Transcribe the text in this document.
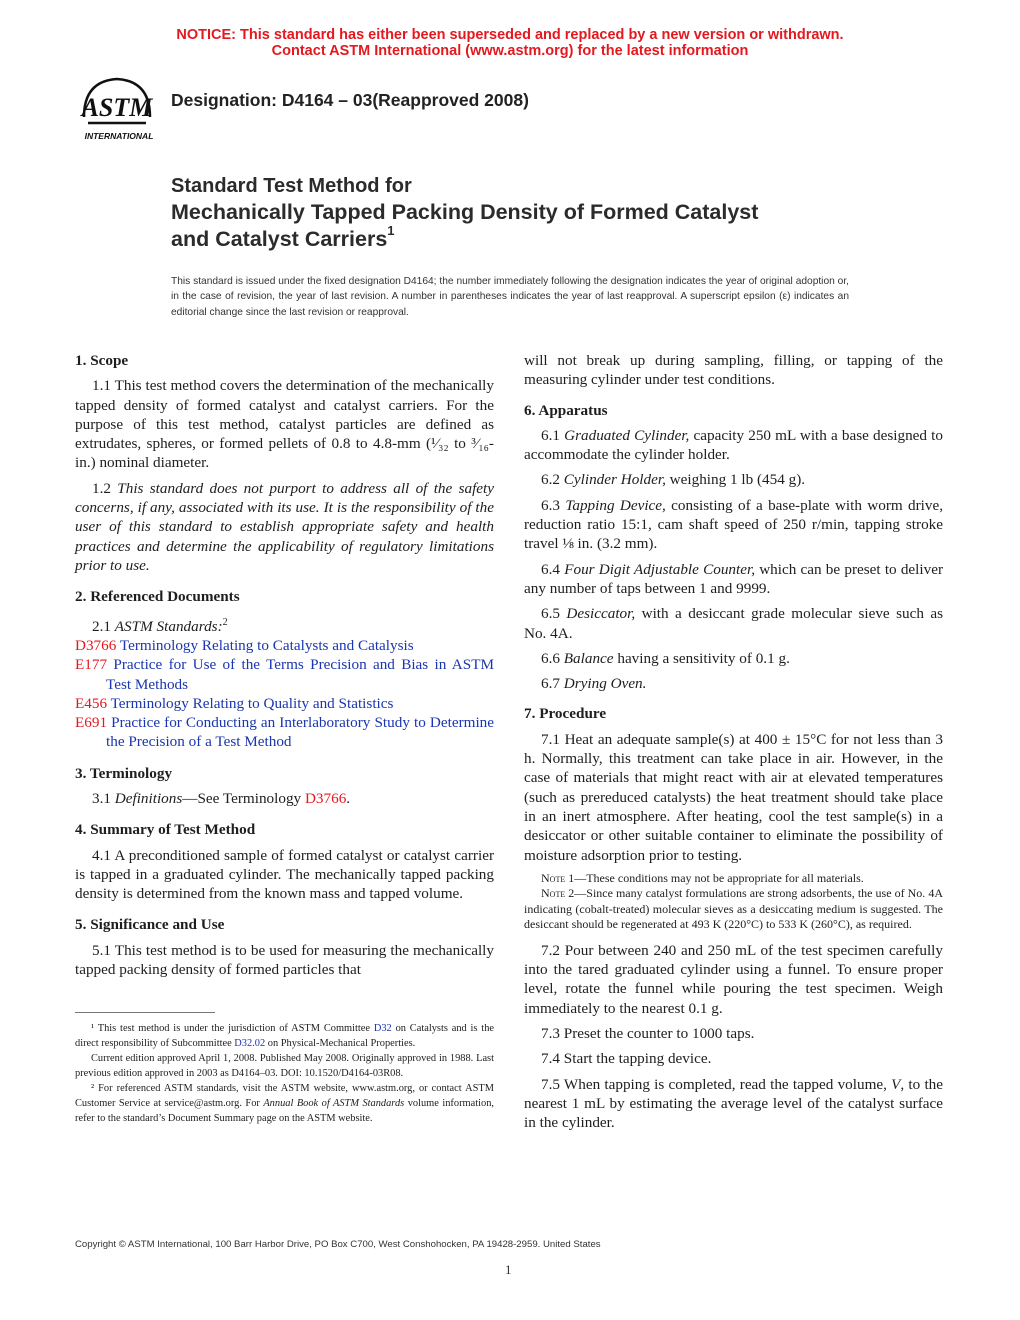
NOTICE: This standard has either been superseded and replaced by a new version or withdrawn.
Contact ASTM International (www.astm.org) for the latest information
ASTM
INTERNATIONAL
Designation: D4164 – 03(Reapproved 2008)
Standard Test Method for
Mechanically Tapped Packing Density of Formed Catalyst
and Catalyst Carriers$^1$
This standard is issued under the fixed designation D4164; the number immediately following the designation indicates the year of original adoption or, in the case of revision, the year of last revision. A number in parentheses indicates the year of last reapproval. A superscript epsilon (ε) indicates an editorial change since the last revision or reapproval.
1. Scope

1.1 This test method covers the determination of the mechanically tapped density of formed catalyst and catalyst carriers. For the purpose of this test method, catalyst particles are defined as extrudates, spheres, or formed pellets of 0.8 to 4.8-mm (¹⁄₃₂ to ³⁄₁₆-in.) nominal diameter.

1.2 This standard does not purport to address all of the safety concerns, if any, associated with its use. It is the responsibility of the user of this standard to establish appropriate safety and health practices and determine the applicability of regulatory limitations prior to use.

2. Referenced Documents

2.1 ASTM Standards:$^2$

D3766 Terminology Relating to Catalysts and Catalysis

E177 Practice for Use of the Terms Precision and Bias in ASTM Test Methods

E456 Terminology Relating to Quality and Statistics

E691 Practice for Conducting an Interlaboratory Study to Determine the Precision of a Test Method

3. Terminology

3.1 Definitions—See Terminology D3766.

4. Summary of Test Method

4.1 A preconditioned sample of formed catalyst or catalyst carrier is tapped in a graduated cylinder. The mechanically tapped packing density is determined from the known mass and tapped volume.

5. Significance and Use

5.1 This test method is to be used for measuring the mechanically tapped packing density of formed particles that

¹ This test method is under the jurisdiction of ASTM Committee D32 on Catalysts and is the direct responsibility of Subcommittee D32.02 on Physical-Mechanical Properties.

Current edition approved April 1, 2008. Published May 2008. Originally approved in 1988. Last previous edition approved in 2003 as D4164–03. DOI: 10.1520/D4164-03R08.

² For referenced ASTM standards, visit the ASTM website, www.astm.org, or contact ASTM Customer Service at service@astm.org. For Annual Book of ASTM Standards volume information, refer to the standard’s Document Summary page on the ASTM website.

will not break up during sampling, filling, or tapping of the measuring cylinder under test conditions.

6. Apparatus

6.1 Graduated Cylinder, capacity 250 mL with a base designed to accommodate the cylinder holder.

6.2 Cylinder Holder, weighing 1 lb (454 g).

6.3 Tapping Device, consisting of a base-plate with worm drive, reduction ratio 15:1, cam shaft speed of 250 r/min, tapping stroke travel ⅛ in. (3.2 mm).

6.4 Four Digit Adjustable Counter, which can be preset to deliver any number of taps between 1 and 9999.

6.5 Desiccator, with a desiccant grade molecular sieve such as No. 4A.

6.6 Balance having a sensitivity of 0.1 g.

6.7 Drying Oven.

7. Procedure

7.1 Heat an adequate sample(s) at 400 ± 15°C for not less than 3 h. Normally, this treatment can take place in air. However, in the case of materials that might react with air at elevated temperatures (such as prereduced catalysts) the heat treatment should take place in an inert atmosphere. After heating, cool the test sample(s) in a desiccator or other suitable container to eliminate the possibility of moisture adsorption prior to testing.

Note 1—These conditions may not be appropriate for all materials.
Note 2—Since many catalyst formulations are strong adsorbents, the use of No. 4A indicating (cobalt-treated) molecular sieves as a desiccating medium is suggested. The desiccant should be regenerated at 493 K (220°C) to 533 K (260°C), as required.

7.2 Pour between 240 and 250 mL of the test specimen carefully into the tared graduated cylinder using a funnel. To ensure proper level, rotate the funnel while pouring the test specimen. Weigh immediately to the nearest 0.1 g.

7.3 Preset the counter to 1000 taps.

7.4 Start the tapping device.

7.5 When tapping is completed, read the tapped volume, V, to the nearest 1 mL by estimating the average level of the catalyst surface in the cylinder.

Copyright © ASTM International, 100 Barr Harbor Drive, PO Box C700, West Conshohocken, PA 19428-2959. United States
1
